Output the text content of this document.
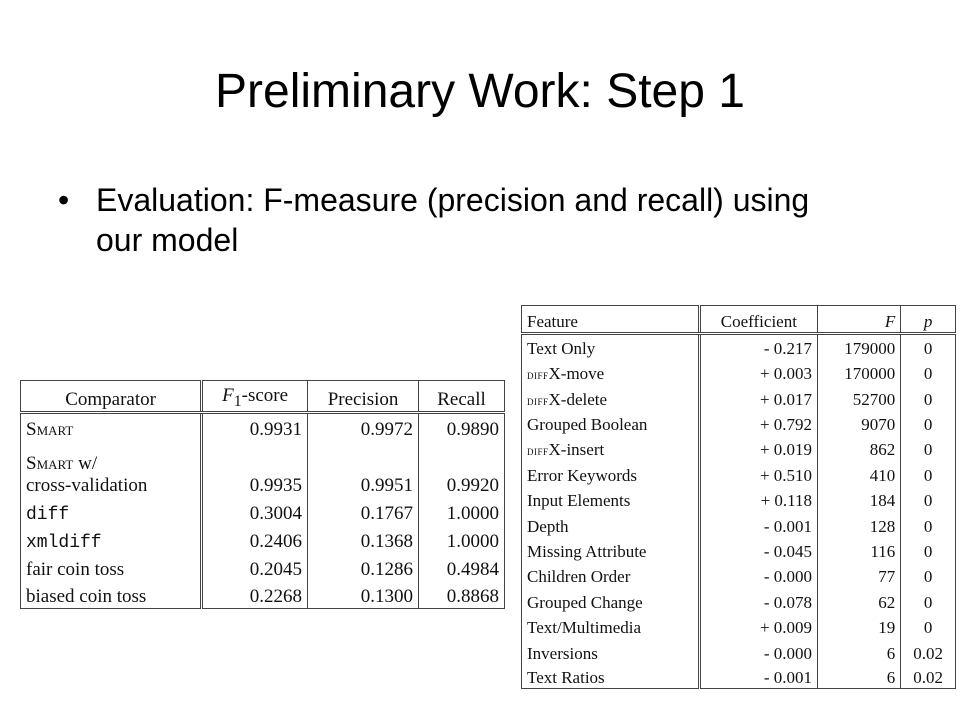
Preliminary Work: Step 1
• Evaluation: F-measure (precision and recall) using our model
Comparator	$F_1$-score	Precision	Recall
Smart	0.9931	0.9972	0.9890
Smart w/
cross-validation	0.9935	0.9951	0.9920
diff	0.3004	0.1767	1.0000
xmldiff	0.2406	0.1368	1.0000
fair coin toss	0.2045	0.1286	0.4984
biased coin toss	0.2268	0.1300	0.8868
Feature	Coefficient	F	p
Text Only	- 0.217	179000	0
diffX-move	+ 0.003	170000	0
diffX-delete	+ 0.017	52700	0
Grouped Boolean	+ 0.792	9070	0
diffX-insert	+ 0.019	862	0
Error Keywords	+ 0.510	410	0
Input Elements	+ 0.118	184	0
Depth	- 0.001	128	0
Missing Attribute	- 0.045	116	0
Children Order	- 0.000	77	0
Grouped Change	- 0.078	62	0
Text/Multimedia	+ 0.009	19	0
Inversions	- 0.000	6	0.02
Text Ratios	- 0.001	6	0.02
